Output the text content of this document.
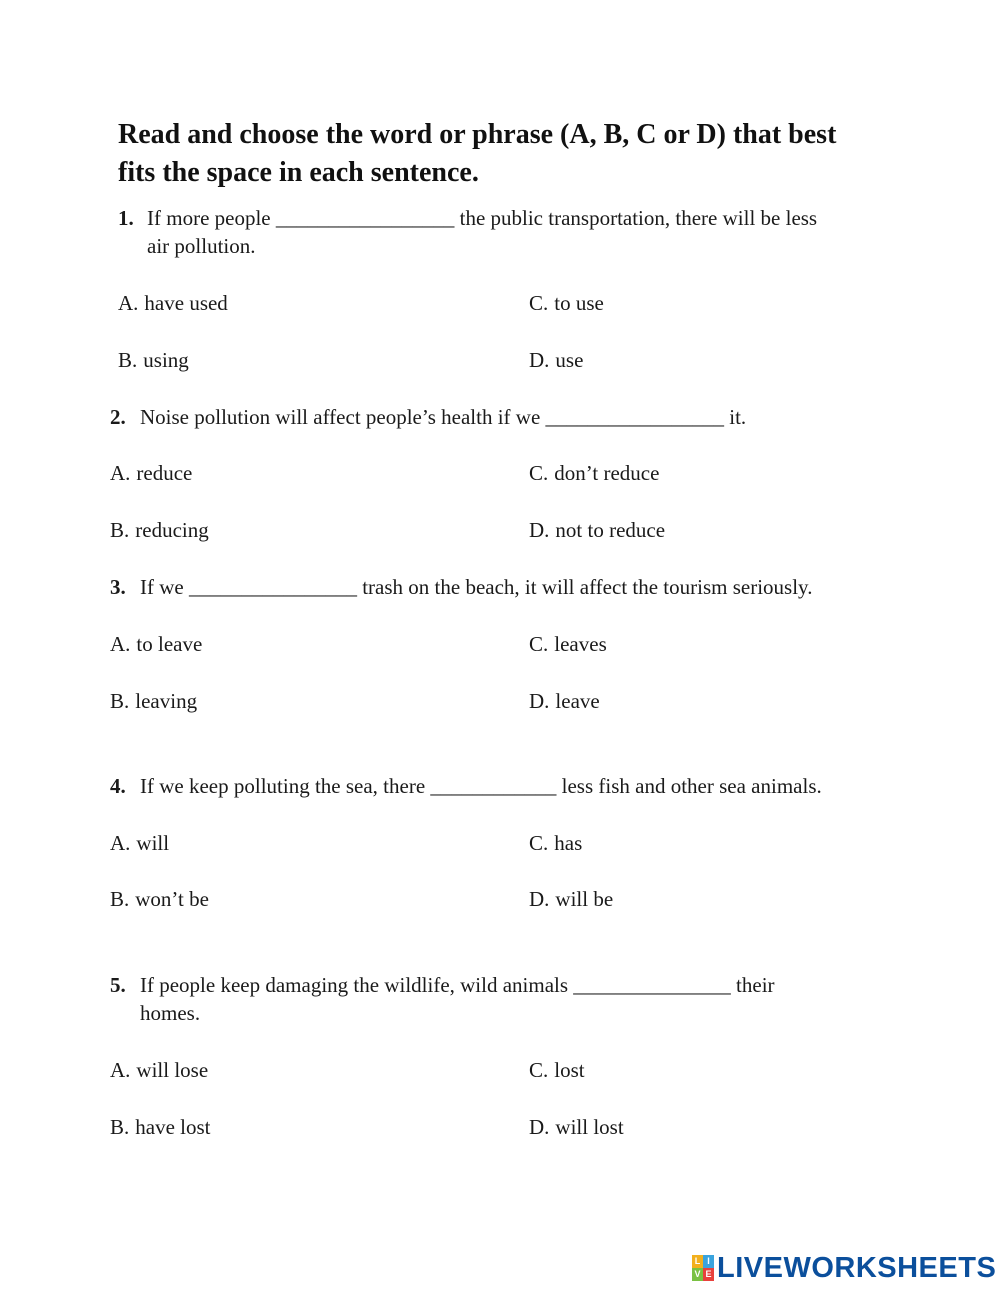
Read and choose the word or phrase (A, B, C or D) that best
fits the space in each sentence.
1. If more people _________________ the public transportation, there will be less
air pollution.
A. have used
B. using
C. to use
D. use
2. Noise pollution will affect people’s health if we _________________ it.
A. reduce
B. reducing
C. don’t reduce
D. not to reduce
3. If we ________________ trash on the beach, it will affect the tourism seriously.
A. to leave
B. leaving
C. leaves
D. leave
4. If we keep polluting the sea, there ____________ less fish and other sea animals.
A. will
B. won’t be
C. has
D. will be
5. If people keep damaging the wildlife, wild animals _______________ their
homes.
A. will lose
B. have lost
C. lost
D. will lost
L I
V E LIVEWORKSHEETS
